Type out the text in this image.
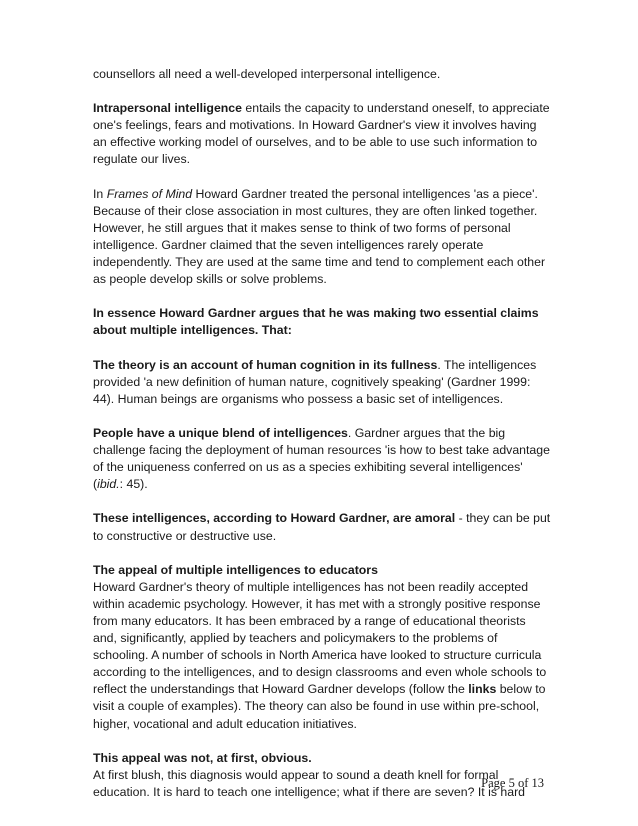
counsellors all need a well-developed interpersonal intelligence.

Intrapersonal intelligence entails the capacity to understand oneself, to appreciate one's feelings, fears and motivations. In Howard Gardner's view it involves having an effective working model of ourselves, and to be able to use such information to regulate our lives.

In Frames of Mind Howard Gardner treated the personal intelligences 'as a piece'. Because of their close association in most cultures, they are often linked together. However, he still argues that it makes sense to think of two forms of personal intelligence. Gardner claimed that the seven intelligences rarely operate independently. They are used at the same time and tend to complement each other as people develop skills or solve problems.

In essence Howard Gardner argues that he was making two essential claims about multiple intelligences. That:

The theory is an account of human cognition in its fullness. The intelligences provided 'a new definition of human nature, cognitively speaking' (Gardner 1999: 44). Human beings are organisms who possess a basic set of intelligences.

People have a unique blend of intelligences. Gardner argues that the big challenge facing the deployment of human resources 'is how to best take advantage of the uniqueness conferred on us as a species exhibiting several intelligences' (ibid.: 45).

These intelligences, according to Howard Gardner, are amoral - they can be put to constructive or destructive use.

The appeal of multiple intelligences to educators
Howard Gardner's theory of multiple intelligences has not been readily accepted within academic psychology. However, it has met with a strongly positive response from many educators. It has been embraced by a range of educational theorists and, significantly, applied by teachers and policymakers to the problems of schooling. A number of schools in North America have looked to structure curricula according to the intelligences, and to design classrooms and even whole schools to reflect the understandings that Howard Gardner develops (follow the links below to visit a couple of examples). The theory can also be found in use within pre-school, higher, vocational and adult education initiatives.
This appeal was not, at first, obvious.
At first blush, this diagnosis would appear to sound a death knell for formal education. It is hard to teach one intelligence; what if there are seven? It is hard
Page 5 of 13
